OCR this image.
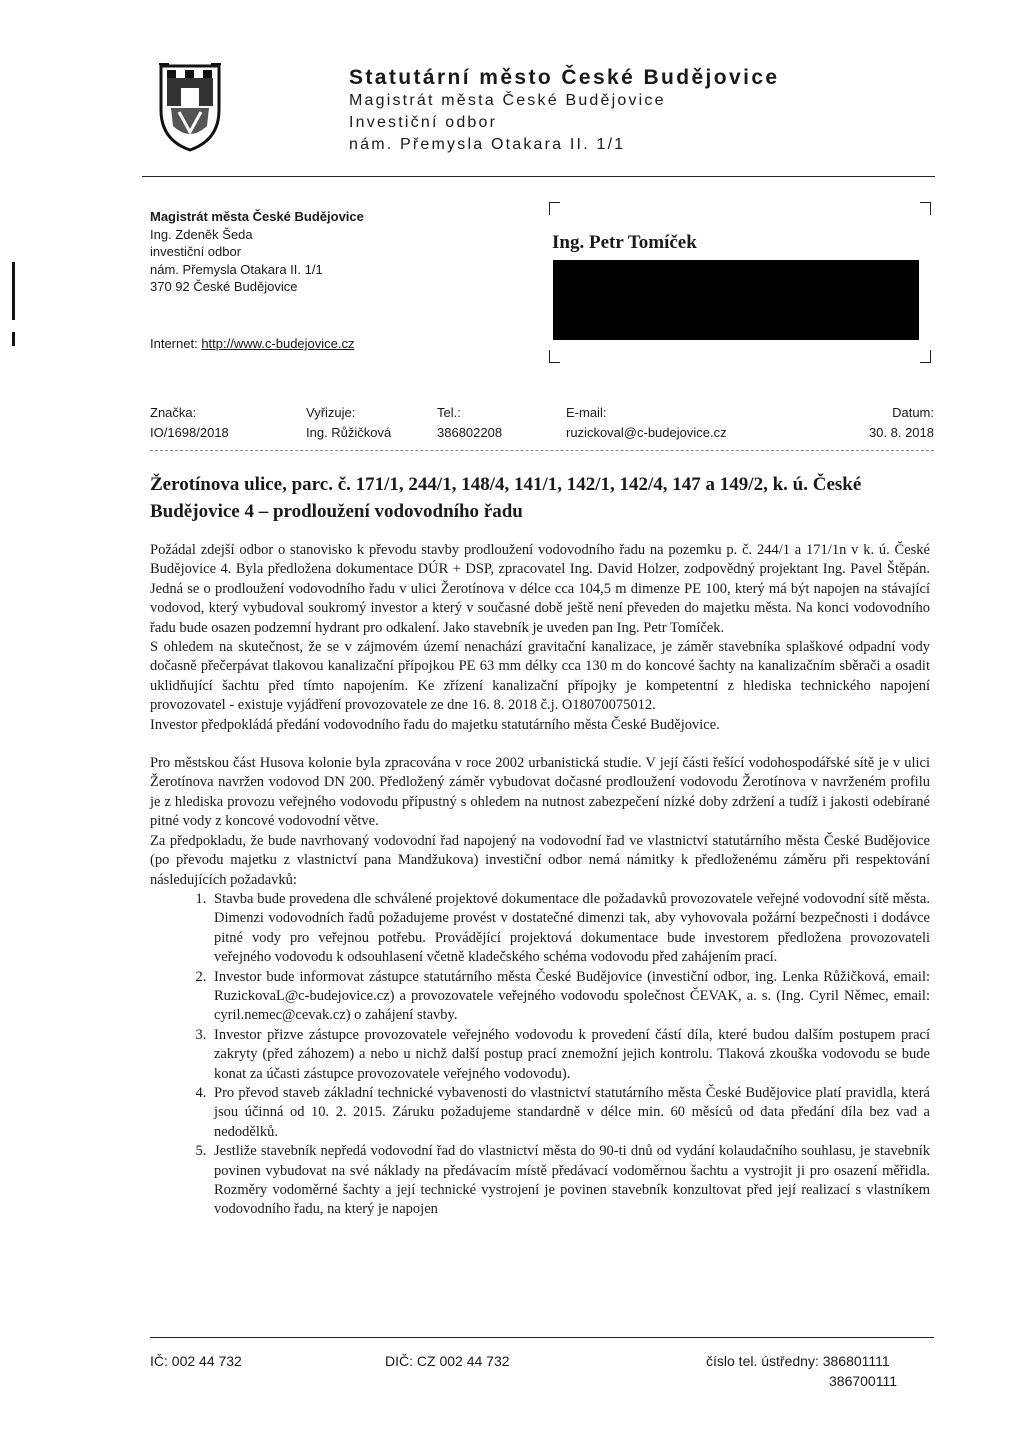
Statutární město České Budějovice
Magistrát města České Budějovice
Investiční odbor
nám. Přemysla Otakara II. 1/1
Magistrát města České Budějovice
Ing. Zdeněk Šeda
investiční odbor
nám. Přemysla Otakara II. 1/1
370 92 České Budějovice
Internet: http://www.c-budejovice.cz
Ing. Petr Tomíček
Značka:
IO/1698/2018
Vyřizuje:
Ing. Růžičková
Tel.:
386802208
E-mail:
ruzickoval@c-budejovice.cz
Datum:
30. 8. 2018
Žerotínova ulice, parc. č. 171/1, 244/1, 148/4, 141/1, 142/1, 142/4, 147 a 149/2, k. ú. České Budějovice 4 – prodloužení vodovodního řadu

Požádal zdejší odbor o stanovisko k převodu stavby prodloužení vodovodního řadu na pozemku p. č. 244/1 a 171/1n v k. ú. České Budějovice 4. Byla předložena dokumentace DÚR + DSP, zpracovatel Ing. David Holzer, zodpovědný projektant Ing. Pavel Štěpán. Jedná se o prodloužení vodovodního řadu v ulici Žerotínova v délce cca 104,5 m dimenze PE 100, který má být napojen na stávající vodovod, který vybudoval soukromý investor a který v současné době ještě není převeden do majetku města. Na konci vodovodního řadu bude osazen podzemní hydrant pro odkalení. Jako stavebník je uveden pan Ing. Petr Tomíček.

S ohledem na skutečnost, že se v zájmovém území nenachází gravitační kanalizace, je záměr stavebníka splaškové odpadní vody dočasně přečerpávat tlakovou kanalizační přípojkou PE 63 mm délky cca 130 m do koncové šachty na kanalizačním sběrači a osadit uklidňující šachtu před tímto napojením. Ke zřízení kanalizační přípojky je kompetentní z hlediska technického napojení provozovatel - existuje vyjádření provozovatele ze dne 16. 8. 2018 č.j. O18070075012.

Investor předpokládá předání vodovodního řadu do majetku statutárního města České Budějovice.

Pro městskou část Husova kolonie byla zpracována v roce 2002 urbanistická studie. V její části řešící vodohospodářské sítě je v ulici Žerotínova navržen vodovod DN 200. Předložený záměr vybudovat dočasné prodloužení vodovodu Žerotínova v navrženém profilu je z hlediska provozu veřejného vodovodu přípustný s ohledem na nutnost zabezpečení nízké doby zdržení a tudíž i jakosti odebírané pitné vody z koncové vodovodní větve.

Za předpokladu, že bude navrhovaný vodovodní řad napojený na vodovodní řad ve vlastnictví statutárního města České Budějovice (po převodu majetku z vlastnictví pana Mandžukova) investiční odbor nemá námitky k předloženému záměru při respektování následujících požadavků:

1. Stavba bude provedena dle schválené projektové dokumentace dle požadavků provozovatele veřejné vodovodní sítě města. Dimenzi vodovodních řadů požadujeme provést v dostatečné dimenzi tak, aby vyhovovala požární bezpečnosti i dodávce pitné vody pro veřejnou potřebu. Provádějící projektová dokumentace bude investorem předložena provozovateli veřejného vodovodu k odsouhlasení včetně kladečského schéma vodovodu před zahájením prací.
2. Investor bude informovat zástupce statutárního města České Budějovice (investiční odbor, ing. Lenka Růžičková, email: RuzickovaL@c-budejovice.cz) a provozovatele veřejného vodovodu společnost ČEVAK, a. s. (Ing. Cyril Němec, email: cyril.nemec@cevak.cz) o zahájení stavby.
3. Investor přizve zástupce provozovatele veřejného vodovodu k provedení částí díla, které budou dalším postupem prací zakryty (před záhozem) a nebo u nichž další postup prací znemožní jejich kontrolu. Tlaková zkouška vodovodu se bude konat za účasti zástupce provozovatele veřejného vodovodu).
4. Pro převod staveb základní technické vybavenosti do vlastnictví statutárního města České Budějovice platí pravidla, která jsou účinná od 10. 2. 2015. Záruku požadujeme standardně v délce min. 60 měsíců od data předání díla bez vad a nedodělků.
5. Jestliže stavebník nepředá vodovodní řad do vlastnictví města do 90-ti dnů od vydání kolaudačního souhlasu, je stavebník povinen vybudovat na své náklady na předávacím místě předávací vodoměrnou šachtu a vystrojit ji pro osazení měřidla. Rozměry vodoměrné šachty a její technické vystrojení je povinen stavebník konzultovat před její realizací s vlastníkem vodovodního řadu, na který je napojen
IČ: 002 44 732	DIČ: CZ 002 44 732	číslo tel. ústředny: 386801111
386700111
